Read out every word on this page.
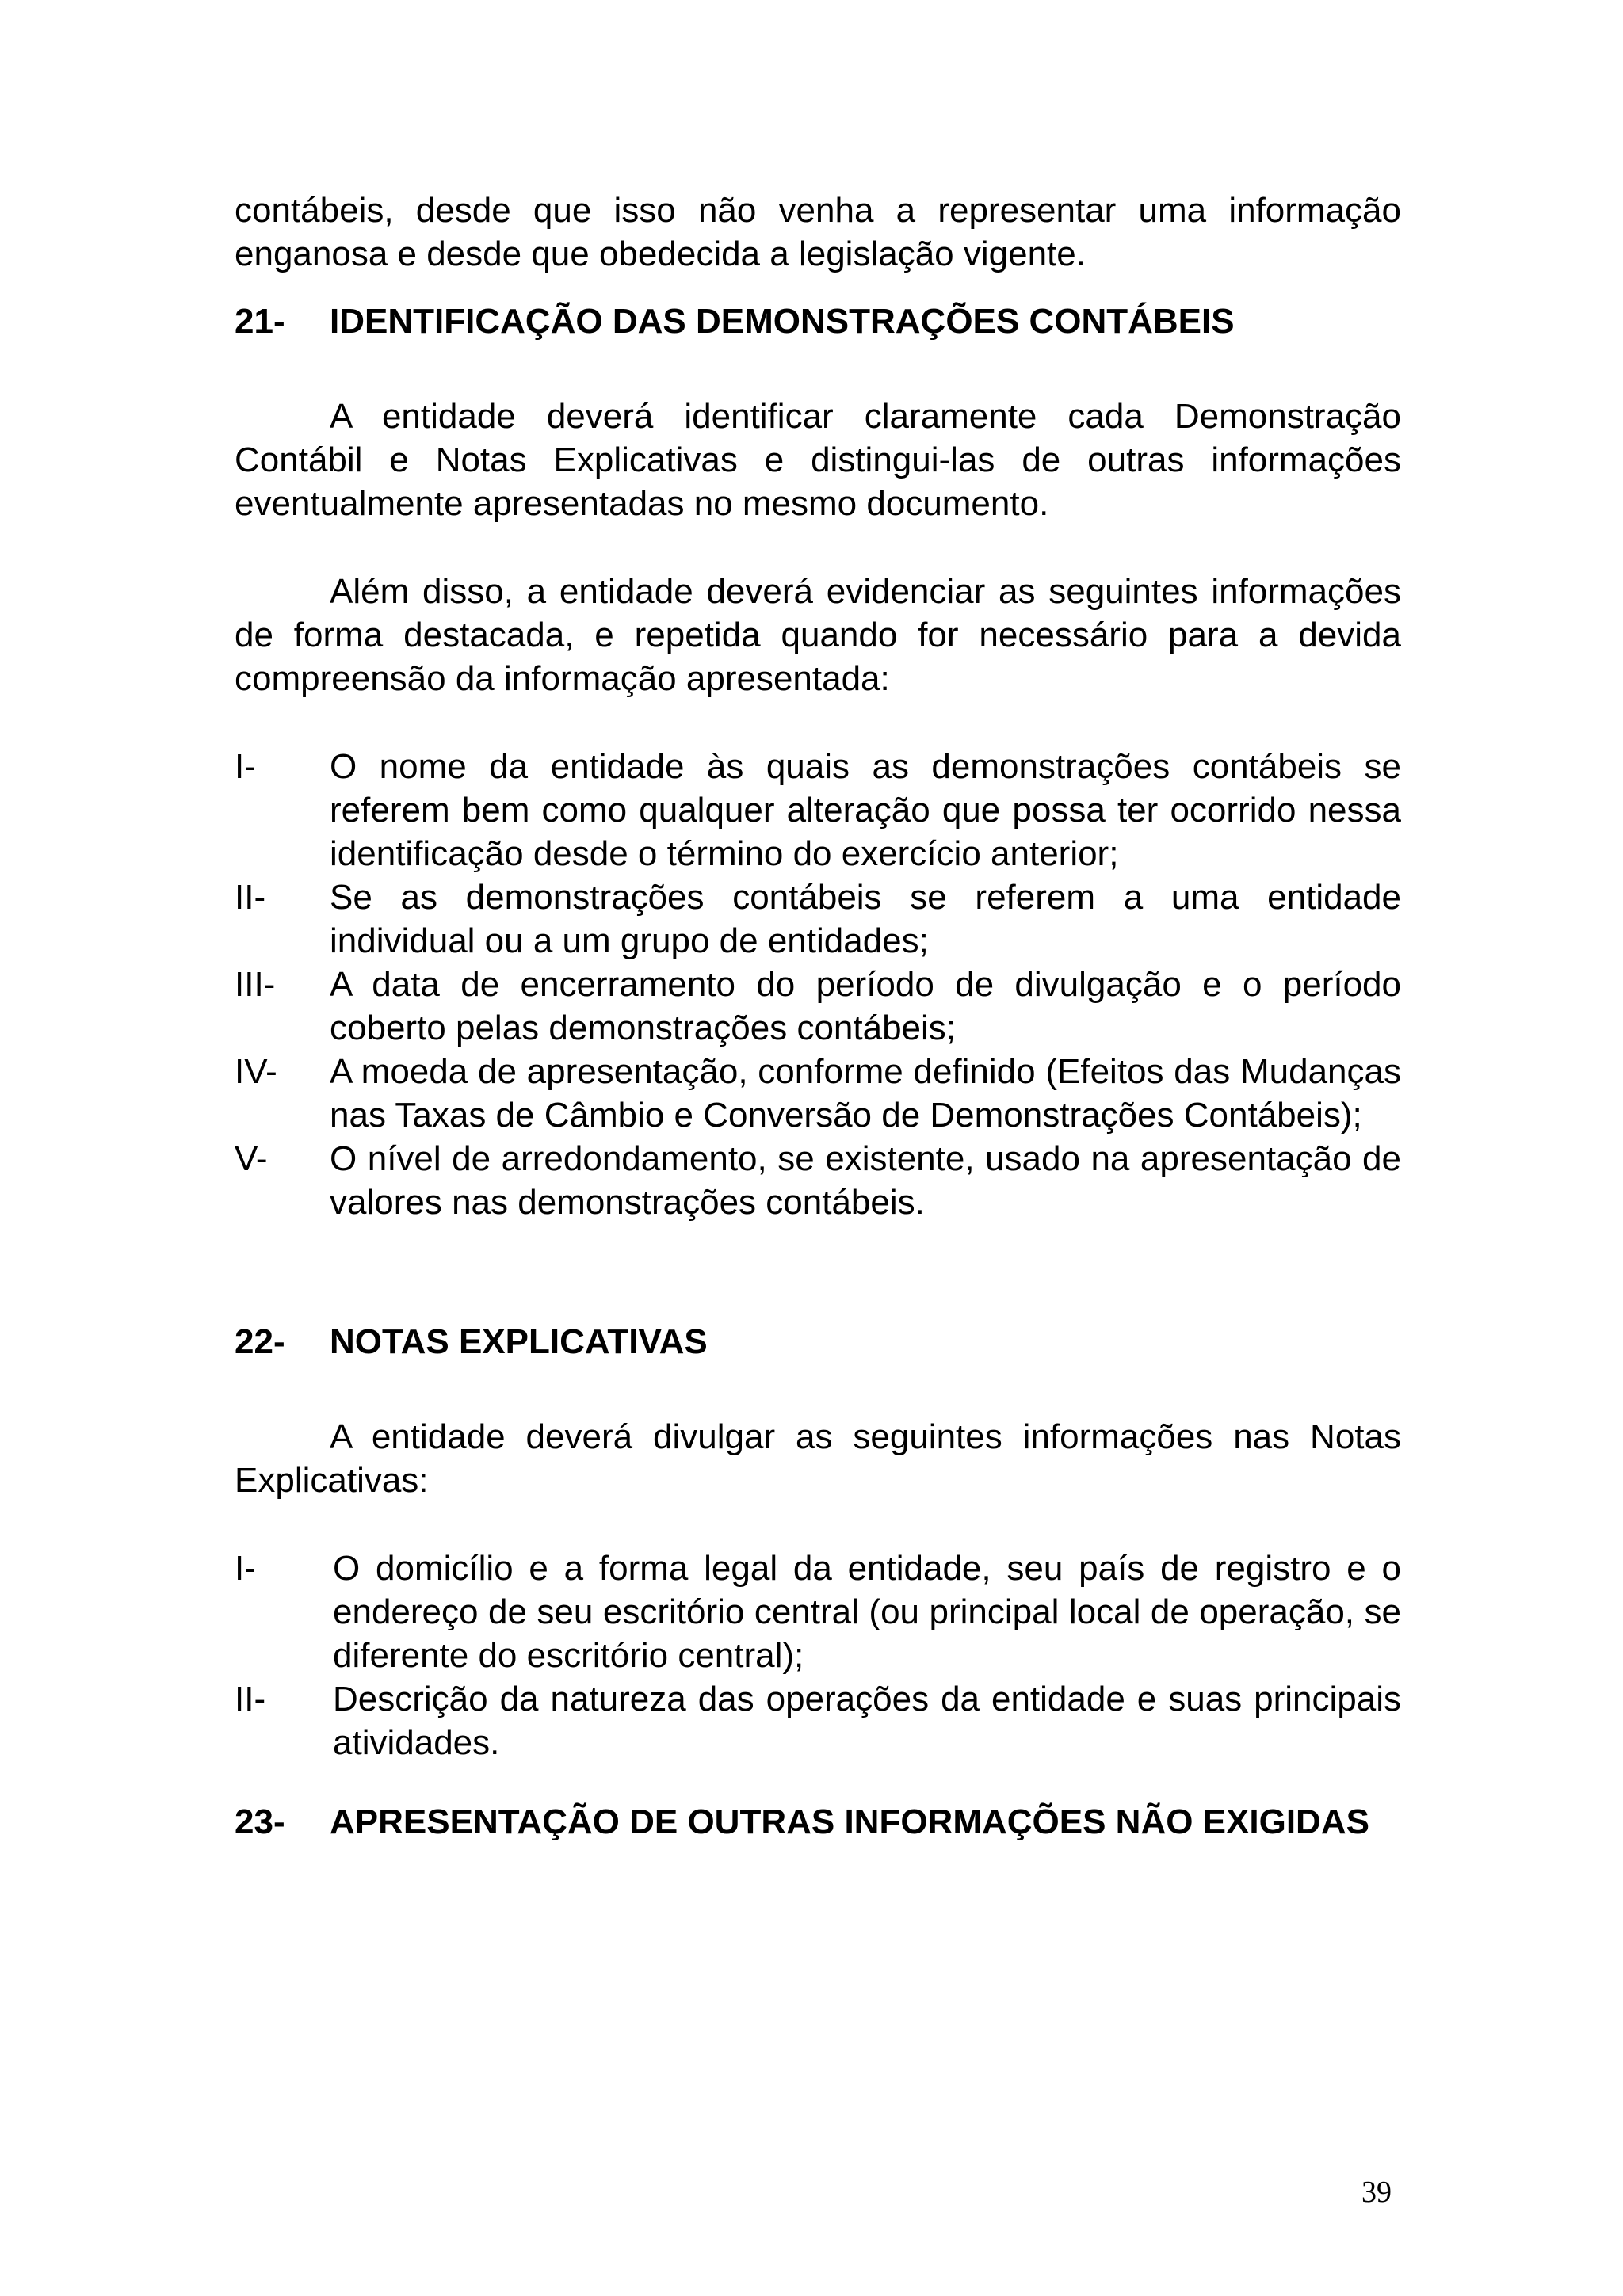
contábeis, desde que isso não venha a representar uma informação enganosa e desde que obedecida a legislação vigente.

21-	IDENTIFICAÇÃO DAS DEMONSTRAÇÕES CONTÁBEIS

A entidade deverá identificar claramente cada Demonstração Contábil e Notas Explicativas e distingui-las de outras informações eventualmente apresentadas no mesmo documento.

Além disso, a entidade deverá evidenciar as seguintes informações de forma destacada, e repetida quando for necessário para a devida compreensão da informação apresentada:

I-	O nome da entidade às quais as demonstrações contábeis se referem bem como qualquer alteração que possa ter ocorrido nessa identificação desde o término do exercício anterior;
II-	Se as demonstrações contábeis se referem a uma entidade individual ou a um grupo de entidades;
III-	A data de encerramento do período de divulgação e o período coberto pelas demonstrações contábeis;
IV-	A moeda de apresentação, conforme definido (Efeitos das Mudanças nas Taxas de Câmbio e Conversão de Demonstrações Contábeis);
V-	O nível de arredondamento, se existente, usado na apresentação de valores nas demonstrações contábeis.
22-	NOTAS EXPLICATIVAS

A entidade deverá divulgar as seguintes informações nas Notas Explicativas:

I-	O domicílio e a forma legal da entidade, seu país de registro e o endereço de seu escritório central (ou principal local de operação, se diferente do escritório central);
II-	Descrição da natureza das operações da entidade e suas principais atividades.
23-	APRESENTAÇÃO DE OUTRAS INFORMAÇÕES NÃO EXIGIDAS
39
